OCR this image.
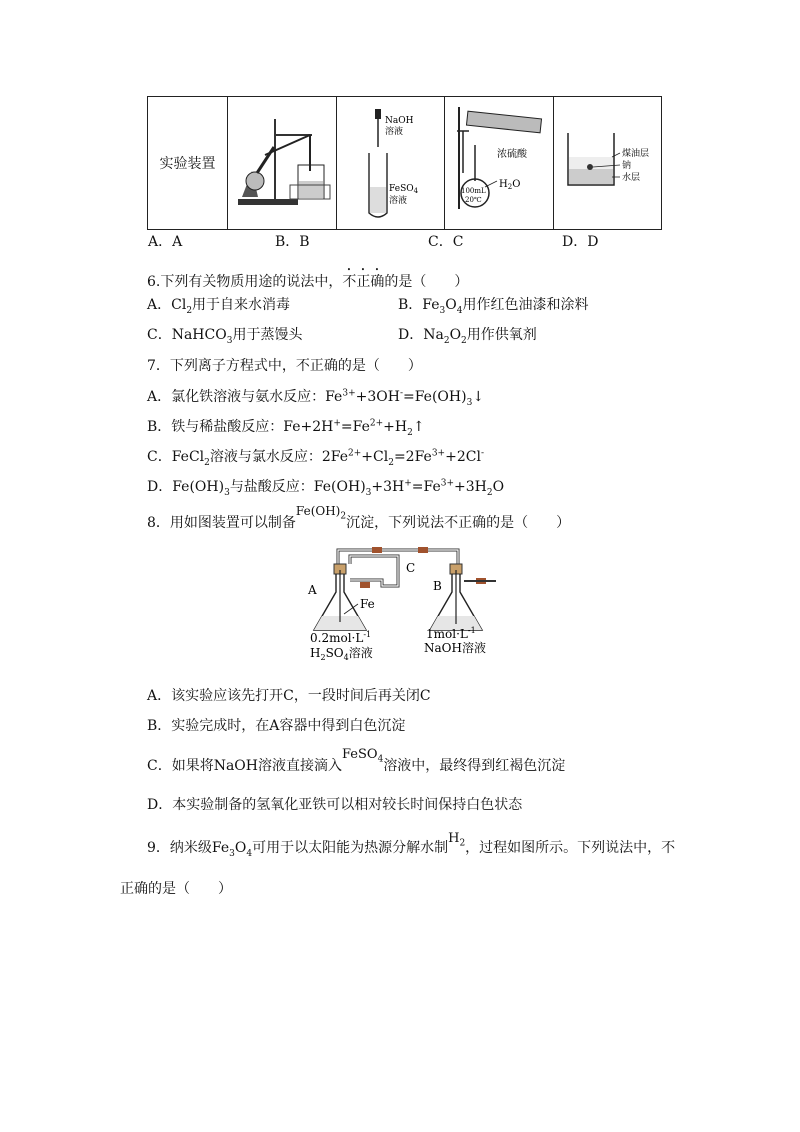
实验装置		
NaOH
溶液
FeSO$_4$
溶液

浓硫酸
100mL
20℃
$H_2O$

煤油层
钠
水层
A．A	B．B	C．C	D．D
6.下列有关物质用途的说法中，不正确的是（　　）
A．$Cl_2$用于自来水消毒	B．$Fe_3O_4$用作红色油漆和涂料
C．NaHCO$_3$用于蒸馒头	D．$Na_2O_2$用作供氧剂
7．下列离子方程式中，不正确的是（　　）
A．氯化铁溶液与氨水反应：$Fe^{3+}+3OH^-=Fe(OH)_3↓$
B．铁与稀盐酸反应：$Fe+2H^+=Fe^{2+}+H_2↑$
C．FeCl$_2$溶液与氯水反应：$2Fe^{2+}+Cl_2=2Fe^{3+}+2Cl^-$
D．$Fe(OH)_3$与盐酸反应：$Fe(OH)_3+3H^+=Fe^{3+}+3H_2O$
8．用如图装置可以制备$Fe(OH)_2$沉淀，下列说法不正确的是（　　）
A	B
C
Fe
$0.2mol\cdot L^{-1}$
$H_2SO_4$溶液
$1mol\cdot L^{-1}$
NaOH溶液
A．该实验应该先打开C，一段时间后再关闭C
B．实验完成时，在A容器中得到白色沉淀
C．如果将NaOH溶液直接滴入FeSO$_4$溶液中，最终得到红褐色沉淀
D．本实验制备的氢氧化亚铁可以相对较长时间保持白色状态
9．纳米级$Fe_3O_4$可用于以太阳能为热源分解水制$H_2$，过程如图所示。下列说法中，不
正确的是（　　）
